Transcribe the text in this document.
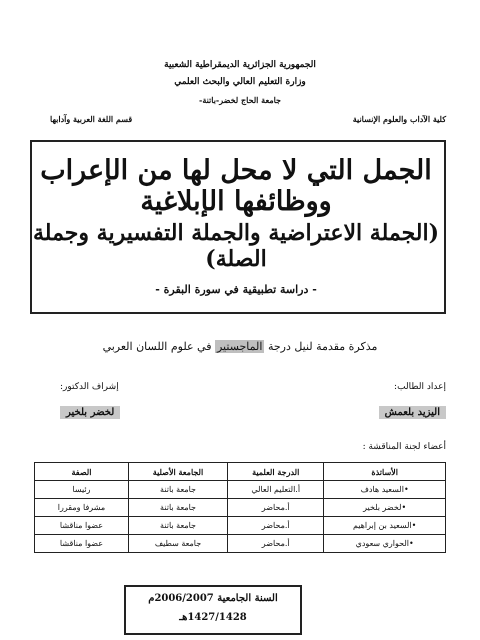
الجمهورية الجزائرية الديمقراطية الشعبية
وزارة التعليم العالي والبحث العلمي
جامعة الحاج لخضر-باتنة-
كلية الآداب والعلوم الإنسانية
قسم اللغة العربية وآدابها
الجمل التي لا محل لها من الإعراب ووظائفها الإبلاغية
(الجملة الاعتراضية والجملة التفسيرية وجملة الصلة)
- دراسة تطبيقية في سورة البقرة -
مذكرة مقدمة لنيل درجة الماجستير في علوم اللسان العربي
إعداد الطالب:
اليزيد بلعمش
إشراف الدكتور:
لخضر بلخير
أعضاء لجنة المناقشة :
الأساتذة	الدرجة العلمية	الجامعة الأصلية	الصفة
•السعيد هادف	أ.التعليم العالي	جامعة باتنة	رئيسا
•لخضر بلخير	أ.محاضر	جامعة باتنة	مشرفا ومقررا
•السعيد بن إبراهيم	أ.محاضر	جامعة باتنة	عضوا مناقشا
•الحواري سعودي	أ.محاضر	جامعة سطيف	عضوا مناقشا
السنة الجامعية 2006/2007م
1427/1428هـ
